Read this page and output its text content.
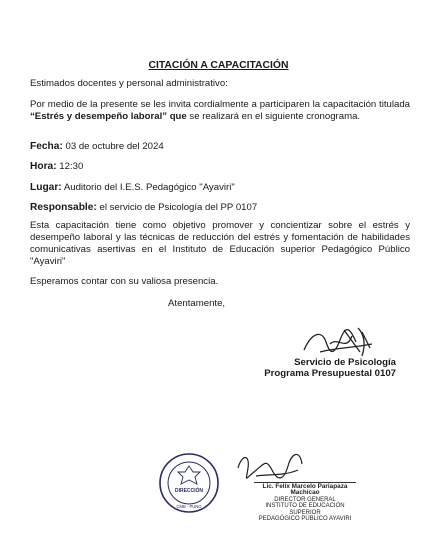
CITACIÓN A CAPACITACIÓN
Estimados docentes y personal administrativo:
Por medio de la presente se les invita cordialmente a participaren la capacitación titulada “Estrés y desempeño laboral” que se realizará en el siguiente cronograma.
Fecha: 03 de octubre del 2024
Hora: 12:30
Lugar: Auditorio del I.E.S. Pedagógico "Ayaviri"
Responsable: el servicio de Psicología del PP 0107
Esta capacitación tiene como objetivo promover y concientizar sobre el estrés y desempeño laboral y las técnicas de reducción del estrés y fomentación de habilidades comunicativas asertivas en el Instituto de Educación superior Pedagógico Público "Ayaviri"
Esperamos contar con su valiosa presencia.
Atentamente,
Servicio de Psicología
Programa Presupuestal 0107
DIRECCIÓN
CMB - PUNO
Lic. Felix Marcelo Pariapaza Machicao
DIRECTOR GENERAL
INSTITUTO DE EDUCACIÓN SUPERIOR
PEDAGÓGICO PÚBLICO AYAVIRI
